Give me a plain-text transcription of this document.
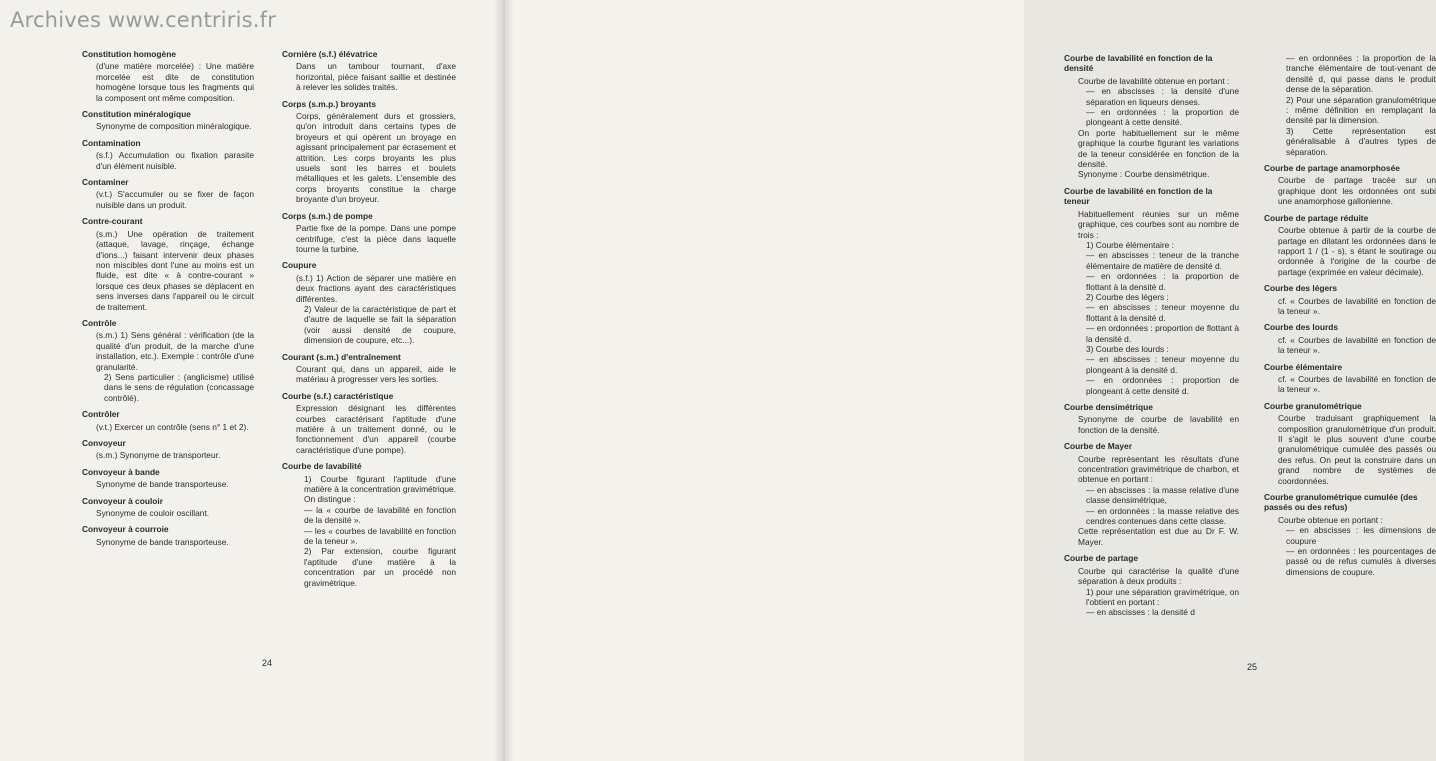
Archives www.centriris.fr
Constitution homogène

(d'une matière morcelée) : Une matière morcelée est dite de constitution homogène lorsque tous les fragments qui la composent ont même composition.

Constitution minéralogique

Synonyme de composition minéralogique.

Contamination

(s.f.) Accumulation ou fixation parasite d'un élément nuisible.

Contaminer

(v.t.) S'accumuler ou se fixer de façon nuisible dans un produit.

Contre-courant

(s.m.) Une opération de traitement (attaque, lavage, rinçage, échange d'ions...) faisant intervenir deux phases non miscibles dont l'une au moins est un fluide, est dite « à contre-courant » lorsque ces deux phases se déplacent en sens inverses dans l'appareil ou le circuit de traitement.

Contrôle

(s.m.) 1) Sens général : vérification (de la qualité d'un produit, de la marche d'une installation, etc.). Exemple : contrôle d'une granularité.

2) Sens particulier : (anglicisme) utilisé dans le sens de régulation (concassage contrôlé).

Contrôler

(v.t.) Exercer un contrôle (sens n° 1 et 2).

Convoyeur

(s.m.) Synonyme de transporteur.

Convoyeur à bande

Synonyme de bande transporteuse.

Convoyeur à couloir

Synonyme de couloir oscillant.

Convoyeur à courroie

Synonyme de bande transporteuse.

Cornière (s.f.) élévatrice

Dans un tambour tournant, d'axe horizontal, pièce faisant saillie et destinée à relever les solides traités.

Corps (s.m.p.) broyants

Corps, généralement durs et grossiers, qu'on introduit dans certains types de broyeurs et qui opèrent un broyage en agissant principalement par écrasement et attrition. Les corps broyants les plus usuels sont les barres et boulets métalliques et les galets. L'ensemble des corps broyants constitue la charge broyante d'un broyeur.

Corps (s.m.) de pompe

Partie fixe de la pompe. Dans une pompe centrifuge, c'est la pièce dans laquelle tourne la turbine.

Coupure

(s.f.) 1) Action de séparer une matière en deux fractions ayant des caractéristiques différentes.

2) Valeur de la caractéristique de part et d'autre de laquelle se fait la séparation (voir aussi densité de coupure, dimension de coupure, etc...).

Courant (s.m.) d'entraînement

Courant qui, dans un appareil, aide le matériau à progresser vers les sorties.

Courbe (s.f.) caractéristique

Expression désignant les différentes courbes caractérisant l'aptitude d'une matière à un traitement donné, ou le fonctionnement d'un appareil (courbe caractéristique d'une pompe).

Courbe de lavabilité

1) Courbe figurant l'aptitude d'une matière à la concentration gravimétrique. On distingue :

— la « courbe de lavabilité en fonction de la densité ».

— les « courbes de lavabilité en fonction de la teneur ».

2) Par extension, courbe figurant l'aptitude d'une matière à la concentration par un procédé non gravimétrique.

24
Courbe de lavabilité en fonction de la densité

Courbe de lavabilité obtenue en portant :

— en abscisses : la densité d'une séparation en liqueurs denses.

— en ordonnées : la proportion de plongeant à cette densité.

On porte habituellement sur le même graphique la courbe figurant les variations de la teneur considérée en fonction de la densité.

Synonyme : Courbe densimétrique.

Courbe de lavabilité en fonction de la teneur

Habituellement réunies sur un même graphique, ces courbes sont au nombre de trois :

1) Courbe élémentaire :

— en abscisses : teneur de la tranche élémentaire de matière de densité d.

— en ordonnées : la proportion de flottant à la densité d.

2) Courbe des légers :

— en abscisses : teneur moyenne du flottant à la densité d.

— en ordonnées : proportion de flottant à la densité d.

3) Courbe des lourds :

— en abscisses : teneur moyenne du plongeant à la densité d.

— en ordonnées : proportion de plongeant à cette densité d.

Courbe densimétrique

Synonyme de courbe de lavabilité en fonction de la densité.

Courbe de Mayer

Courbe représentant les résultats d'une concentration gravimétrique de charbon, et obtenue en portant :

— en abscisses : la masse relative d'une classe densimétrique,

— en ordonnées : la masse relative des cendres contenues dans cette classe.

Cette représentation est due au Dr F. W. Mayer.

Courbe de partage

Courbe qui caractérise la qualité d'une séparation à deux produits :

1) pour une séparation gravimétrique, on l'obtient en portant :

— en abscisses : la densité d

— en ordonnées : la proportion de la tranche élémentaire de tout-venant de densité d, qui passe dans le produit dense de la séparation.

2) Pour une séparation granulométrique : même définition en remplaçant la densité par la dimension.

3) Cette représentation est généralisable à d'autres types de séparation.

Courbe de partage anamorphosée

Courbe de partage tracée sur un graphique dont les ordonnées ont subi une anamorphose gallonienne.

Courbe de partage réduite

Courbe obtenue à partir de la courbe de partage en dilatant les ordonnées dans le rapport 1 / (1 - s), s étant le soutirage ou ordonnée à l'origine de la courbe de partage (exprimée en valeur décimale).

Courbe des légers

cf. « Courbes de lavabilité en fonction de la teneur ».

Courbe des lourds

cf. « Courbes de lavabilité en fonction de la teneur ».

Courbe élémentaire

cf. « Courbes de lavabilité en fonction de la teneur ».

Courbe granulométrique

Courbe traduisant graphiquement la composition granulométrique d'un produit. Il s'agit le plus souvent d'une courbe granulométrique cumulée des passés ou des refus. On peut la construire dans un grand nombre de systèmes de coordonnées.

Courbe granulométrique cumulée (des passés ou des refus)

Courbe obtenue en portant :

— en abscisses : les dimensions de coupure

— en ordonnées : les pourcentages de passé ou de refus cumulés à diverses dimensions de coupure.

25
